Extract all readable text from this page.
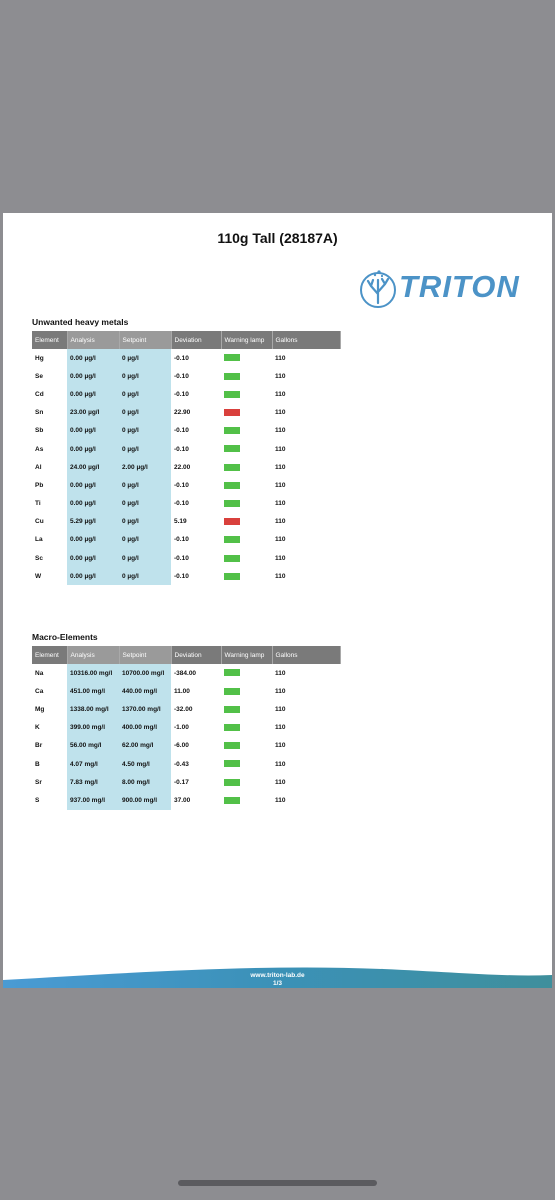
110g Tall (28187A)
TRITON
Unwanted heavy metals
Element	Analysis	Setpoint	Deviation	Warning lamp	Gallons
Hg	0.00 µg/l	0 µg/l	-0.10		110
Se	0.00 µg/l	0 µg/l	-0.10		110
Cd	0.00 µg/l	0 µg/l	-0.10		110
Sn	23.00 µg/l	0 µg/l	22.90		110
Sb	0.00 µg/l	0 µg/l	-0.10		110
As	0.00 µg/l	0 µg/l	-0.10		110
Al	24.00 µg/l	2.00 µg/l	22.00		110
Pb	0.00 µg/l	0 µg/l	-0.10		110
Ti	0.00 µg/l	0 µg/l	-0.10		110
Cu	5.29 µg/l	0 µg/l	5.19		110
La	0.00 µg/l	0 µg/l	-0.10		110
Sc	0.00 µg/l	0 µg/l	-0.10		110
W	0.00 µg/l	0 µg/l	-0.10		110
Macro-Elements
Element	Analysis	Setpoint	Deviation	Warning lamp	Gallons
Na	10316.00 mg/l	10700.00 mg/l	-384.00		110
Ca	451.00 mg/l	440.00 mg/l	11.00		110
Mg	1338.00 mg/l	1370.00 mg/l	-32.00		110
K	399.00 mg/l	400.00 mg/l	-1.00		110
Br	56.00 mg/l	62.00 mg/l	-6.00		110
B	4.07 mg/l	4.50 mg/l	-0.43		110
Sr	7.83 mg/l	8.00 mg/l	-0.17		110
S	937.00 mg/l	900.00 mg/l	37.00		110
www.triton-lab.de
1/3
